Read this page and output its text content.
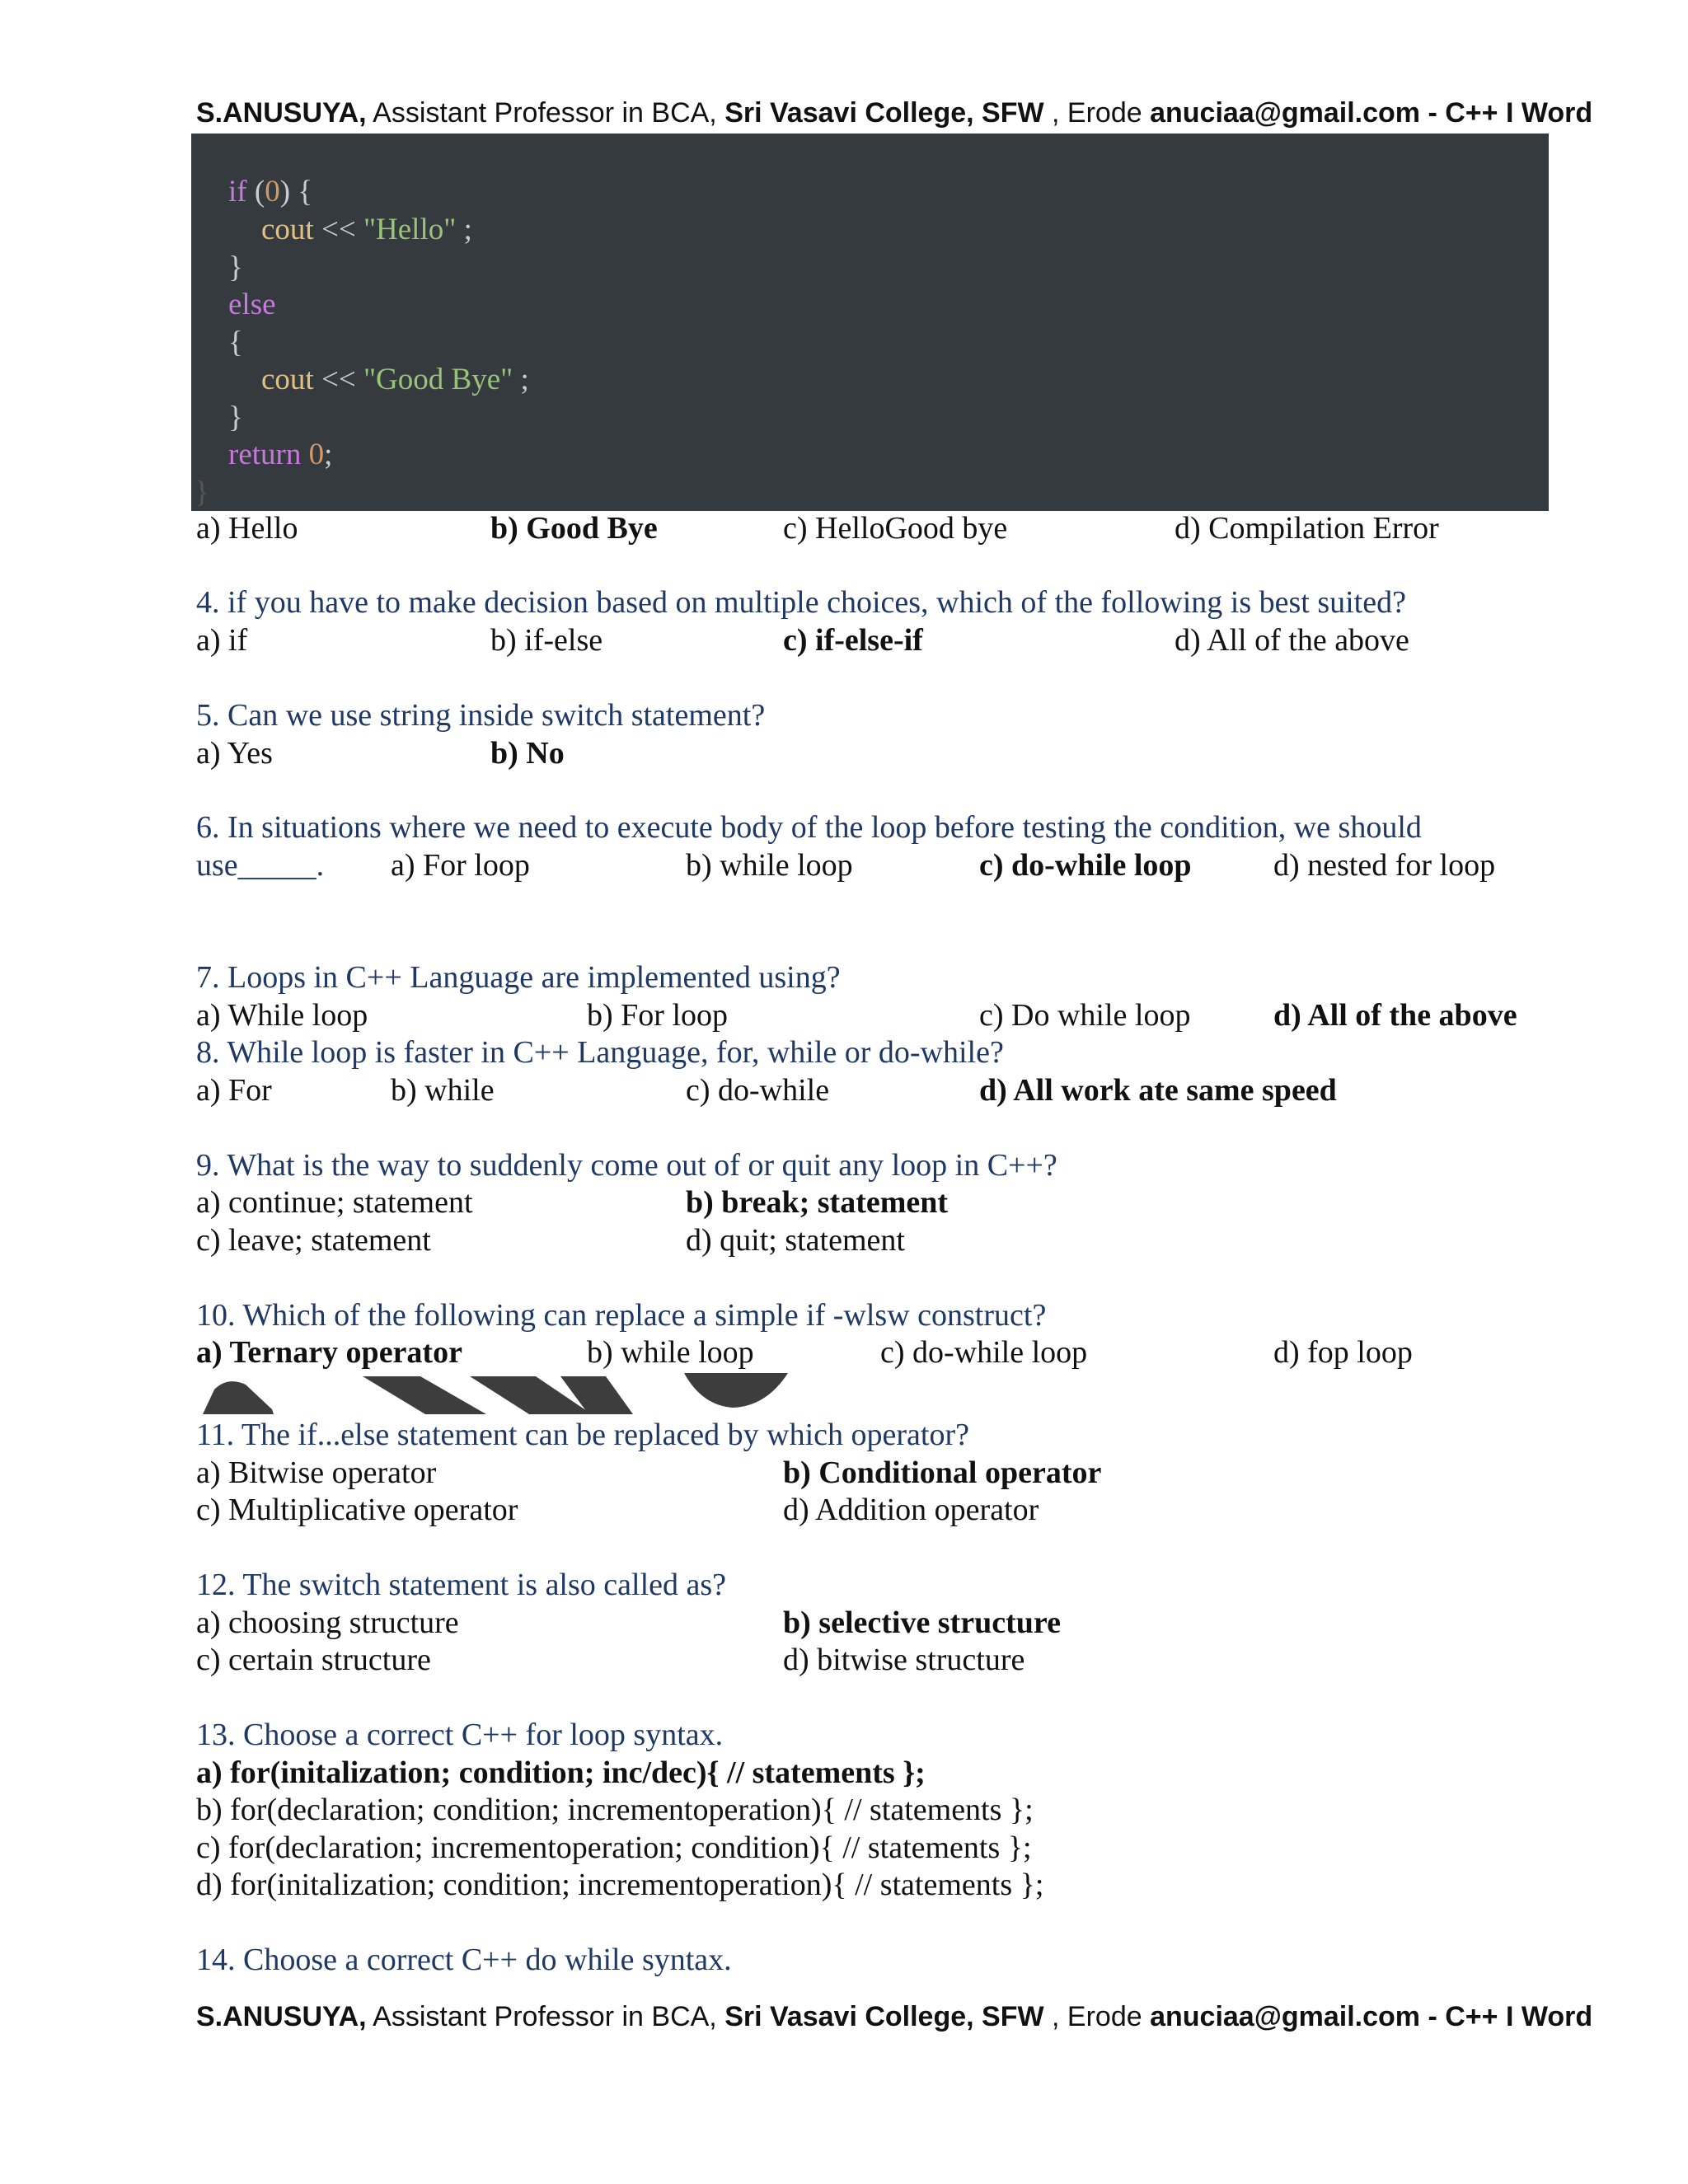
S.ANUSUYA, Assistant Professor in BCA, Sri Vasavi College, SFW , Erode anuciaa@gmail.com - C++ I Word
if (0) {
cout << "Hello" ;
}
else
{
cout << "Good Bye" ;
}
return 0;
}
a) Hello	b) Good Bye	c) HelloGood bye	d) Compilation Error
4. if you have to make decision based on multiple choices, which of the following is best suited?
a) if	b) if-else	c) if-else-if	d) All of the above
5. Can we use string inside switch statement?
a) Yes	b) No
6. In situations where we need to execute body of the loop before testing the condition, we should
use_____. a) For loop	b) while loop	c) do-while loop	d) nested for loop
7. Loops in C++ Language are implemented using?
a) While loop	b) For loop	c) Do while loop	d) All of the above
8. While loop is faster in C++ Language, for, while or do-while?
a) For	b) while	c) do-while	d) All work ate same speed
9. What is the way to suddenly come out of or quit any loop in C++?
a) continue; statement	b) break; statement
c) leave; statement	d) quit; statement
10. Which of the following can replace a simple if -wlsw construct?
a) Ternary operator	b) while loop	c) do-while loop	d) fop loop
11. The if...else statement can be replaced by which operator?
a) Bitwise operator	b) Conditional operator
c) Multiplicative operator	d) Addition operator
12. The switch statement is also called as?
a) choosing structure	b) selective structure
c) certain structure	d) bitwise structure
13. Choose a correct C++ for loop syntax.
a) for(initalization; condition; inc/dec){ // statements };
b) for(declaration; condition; incrementoperation){ // statements };
c) for(declaration; incrementoperation; condition){ // statements };
d) for(initalization; condition; incrementoperation){ // statements };
14. Choose a correct C++ do while syntax.
S.ANUSUYA, Assistant Professor in BCA, Sri Vasavi College, SFW , Erode anuciaa@gmail.com - C++ I Word
